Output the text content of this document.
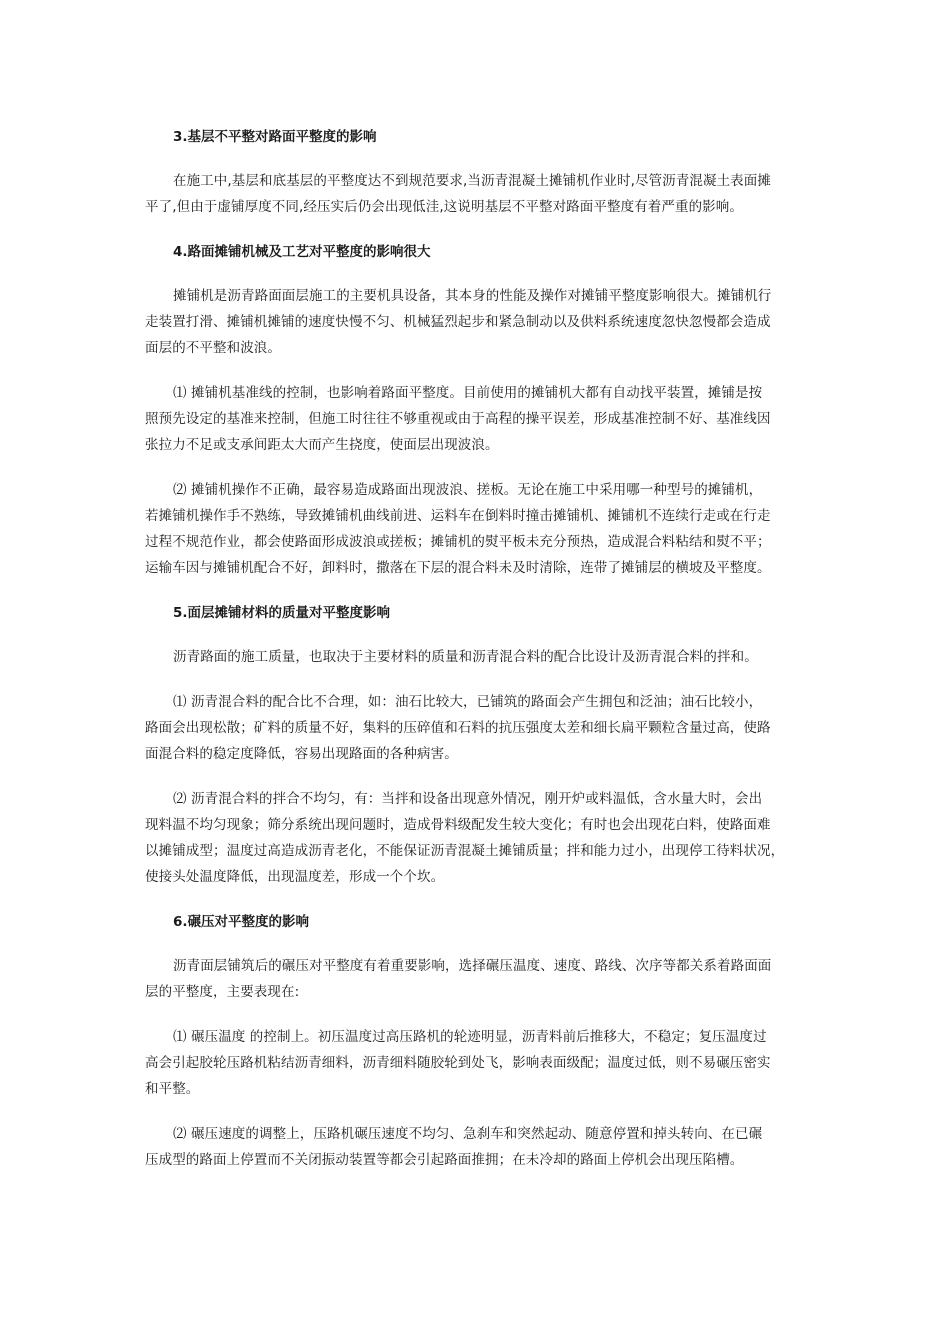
3.基层不平整对路面平整度的影响
在施工中,基层和底基层的平整度达不到规范要求,当沥青混凝土摊铺机作业时,尽管沥青混凝土表面摊
平了,但由于虚铺厚度不同,经压实后仍会出现低洼,这说明基层不平整对路面平整度有着严重的影响。
4.路面摊铺机械及工艺对平整度的影响很大
摊铺机是沥青路面面层施工的主要机具设备，其本身的性能及操作对摊铺平整度影响很大。摊铺机行
走装置打滑、摊铺机摊铺的速度快慢不匀、机械猛烈起步和紧急制动以及供料系统速度忽快忽慢都会造成
面层的不平整和波浪。
⑴ 摊铺机基准线的控制，也影响着路面平整度。目前使用的摊铺机大都有自动找平装置，摊铺是按
照预先设定的基准来控制，但施工时往往不够重视或由于高程的操平误差，形成基准控制不好、基准线因
张拉力不足或支承间距太大而产生挠度，使面层出现波浪。
⑵ 摊铺机操作不正确，最容易造成路面出现波浪、搓板。无论在施工中采用哪一种型号的摊铺机，
若摊铺机操作手不熟练，导致摊铺机曲线前进、运料车在倒料时撞击摊铺机、摊铺机不连续行走或在行走
过程不规范作业，都会使路面形成波浪或搓板；摊铺机的熨平板未充分预热，造成混合料粘结和熨不平；
运输车因与摊铺机配合不好，卸料时，撒落在下层的混合料未及时清除，连带了摊铺层的横坡及平整度。
5.面层摊铺材料的质量对平整度影响
沥青路面的施工质量，也取决于主要材料的质量和沥青混合料的配合比设计及沥青混合料的拌和。
⑴ 沥青混合料的配合比不合理，如：油石比较大，已铺筑的路面会产生拥包和泛油；油石比较小，
路面会出现松散；矿料的质量不好，集料的压碎值和石料的抗压强度太差和细长扁平颗粒含量过高，使路
面混合料的稳定度降低，容易出现路面的各种病害。
⑵ 沥青混合料的拌合不均匀，有：当拌和设备出现意外情况，刚开炉或料温低，含水量大时，会出
现料温不均匀现象；筛分系统出现问题时，造成骨料级配发生较大变化；有时也会出现花白料，使路面难
以摊铺成型；温度过高造成沥青老化，不能保证沥青混凝土摊铺质量；拌和能力过小，出现停工待料状况，
使接头处温度降低，出现温度差，形成一个个坎。
6.碾压对平整度的影响
沥青面层铺筑后的碾压对平整度有着重要影响，选择碾压温度、速度、路线、次序等都关系着路面面
层的平整度，主要表现在:
⑴ 碾压温度 的控制上。初压温度过高压路机的轮迹明显，沥青料前后推移大，不稳定；复压温度过
高会引起胶轮压路机粘结沥青细料，沥青细料随胶轮到处飞，影响表面级配；温度过低，则不易碾压密实
和平整。
⑵ 碾压速度的调整上，压路机碾压速度不均匀、急刹车和突然起动、随意停置和掉头转向、在已碾
压成型的路面上停置而不关闭振动装置等都会引起路面推拥；在未冷却的路面上停机会出现压陷槽。
